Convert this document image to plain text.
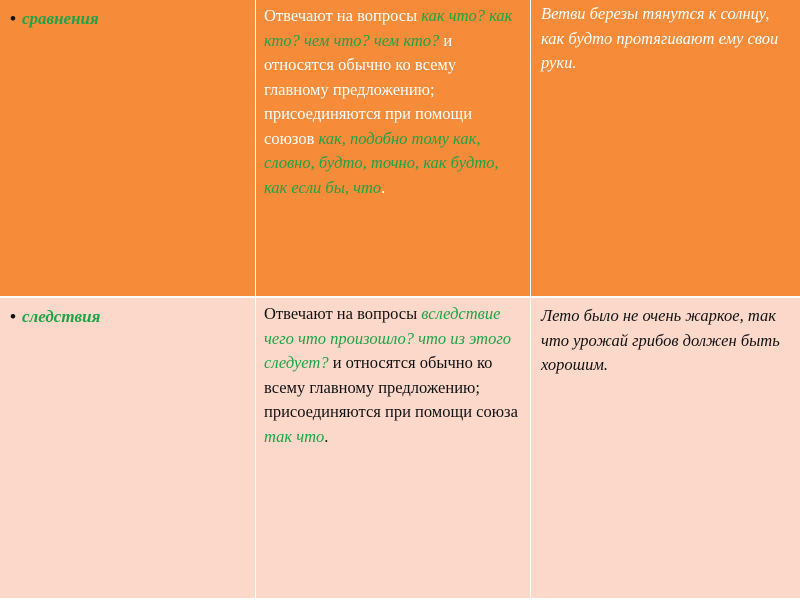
• сравнения	Отвечают на вопросы как что? как кто? чем что? чем кто? и относятся обычно ко всему главному предложению; присоединяются при помощи союзов как, подобно тому как, словно, будто, точно, как будто, как если бы, что.
Ветви березы тянутся к солнцу, как будто протягивают ему свои руки.
• следствия	Отвечают на вопросы вследствие чего что произошло? что из этого следует? и относятся обычно ко всему главному предложению; присоединяются при помощи союза так что.
Лето было не очень жаркое, так что урожай грибов должен быть хорошим.
